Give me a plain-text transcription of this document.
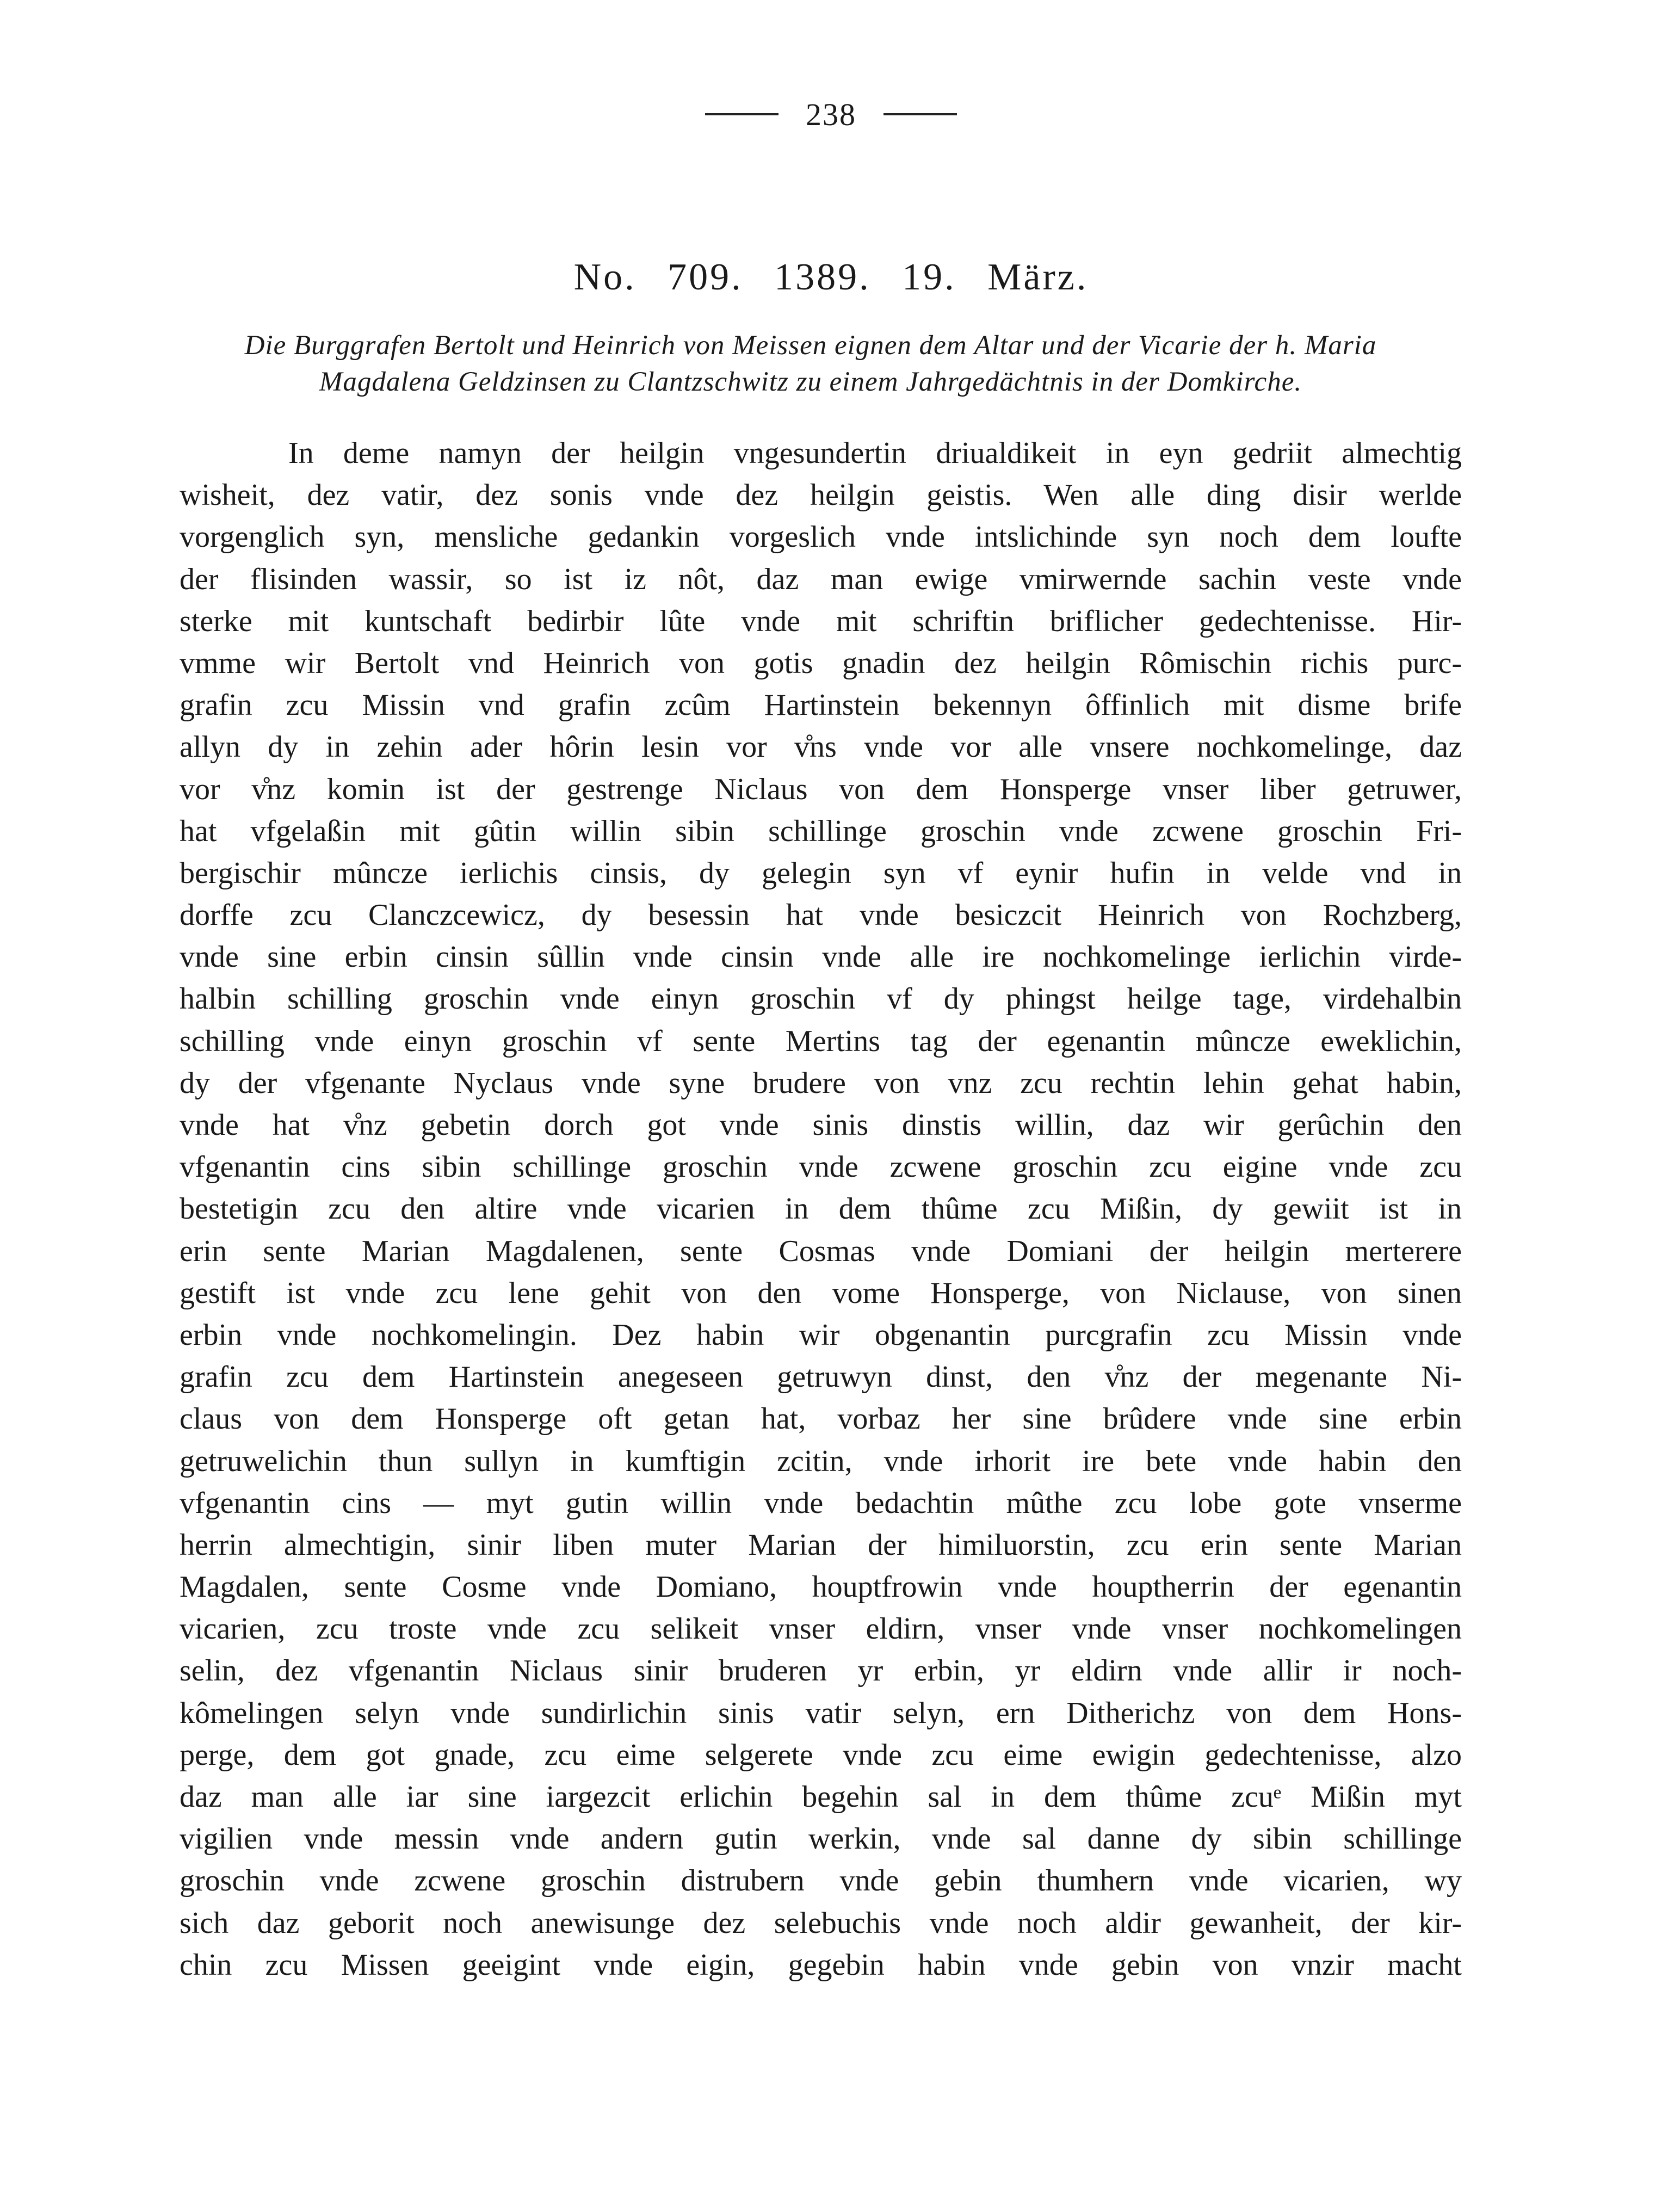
238
No. 709. 1389. 19. März.
Die Burggrafen Bertolt und Heinrich von Meissen eignen dem Altar und der Vicarie der h. Maria
Magdalena Geldzinsen zu Clantzschwitz zu einem Jahrgedächtnis in der Domkirche.
In deme namyn der heilgin vngesundertin driualdikeit in eyn gedriit almechtig
wisheit, dez vatir, dez sonis vnde dez heilgin geistis. Wen alle ding disir werlde
vorgenglich syn, mensliche gedankin vorgeslich vnde intslichinde syn noch dem loufte
der flisinden wassir, so ist iz nôt, daz man ewige vmirwernde sachin veste vnde
sterke mit kuntschaft bedirbir lûte vnde mit schriftin briflicher gedechtenisse. Hir-
vmme wir Bertolt vnd Heinrich von gotis gnadin dez heilgin Rômischin richis purc-
grafin zcu Missin vnd grafin zcûm Hartinstein bekennyn ôffinlich mit disme brife
allyn dy in zehin ader hôrin lesin vor v̊ns vnde vor alle vnsere nochkomelinge, daz
vor v̊nz komin ist der gestrenge Niclaus von dem Honsperge vnser liber getruwer,
hat vfgelaßin mit gûtin willin sibin schillinge groschin vnde zcwene groschin Fri-
bergischir mûncze ierlichis cinsis, dy gelegin syn vf eynir hufin in velde vnd in
dorffe zcu Clanczcewicz, dy besessin hat vnde besiczcit Heinrich von Rochzberg,
vnde sine erbin cinsin sûllin vnde cinsin vnde alle ire nochkomelinge ierlichin virde-
halbin schilling groschin vnde einyn groschin vf dy phingst heilge tage, virdehalbin
schilling vnde einyn groschin vf sente Mertins tag der egenantin mûncze eweklichin,
dy der vfgenante Nyclaus vnde syne brudere von vnz zcu rechtin lehin gehat habin,
vnde hat v̊nz gebetin dorch got vnde sinis dinstis willin, daz wir gerûchin den
vfgenantin cins sibin schillinge groschin vnde zcwene groschin zcu eigine vnde zcu
bestetigin zcu den altire vnde vicarien in dem thûme zcu Mißin, dy gewiit ist in
erin sente Marian Magdalenen, sente Cosmas vnde Domiani der heilgin merterere
gestift ist vnde zcu lene gehit von den vome Honsperge, von Niclause, von sinen
erbin vnde nochkomelingin. Dez habin wir obgenantin purcgrafin zcu Missin vnde
grafin zcu dem Hartinstein anegeseen getruwyn dinst, den v̊nz der megenante Ni-
claus von dem Honsperge oft getan hat, vorbaz her sine brûdere vnde sine erbin
getruwelichin thun sullyn in kumftigin zcitin, vnde irhorit ire bete vnde habin den
vfgenantin cins — myt gutin willin vnde bedachtin mûthe zcu lobe gote vnserme
herrin almechtigin, sinir liben muter Marian der himiluorstin, zcu erin sente Marian
Magdalen, sente Cosme vnde Domiano, houptfrowin vnde houptherrin der egenantin
vicarien, zcu troste vnde zcu selikeit vnser eldirn, vnser vnde vnser nochkomelingen
selin, dez vfgenantin Niclaus sinir bruderen yr erbin, yr eldirn vnde allir ir noch-
kômelingen selyn vnde sundirlichin sinis vatir selyn, ern Ditherichz von dem Hons-
perge, dem got gnade, zcu eime selgerete vnde zcu eime ewigin gedechtenisse, alzo
daz man alle iar sine iargezcit erlichin begehin sal in dem thûme zcuᵉ Mißin myt
vigilien vnde messin vnde andern gutin werkin, vnde sal danne dy sibin schillinge
groschin vnde zcwene groschin distrubern vnde gebin thumhern vnde vicarien, wy
sich daz geborit noch anewisunge dez selebuchis vnde noch aldir gewanheit, der kir-
chin zcu Missen geeigint vnde eigin, gegebin habin vnde gebin von vnzir macht
